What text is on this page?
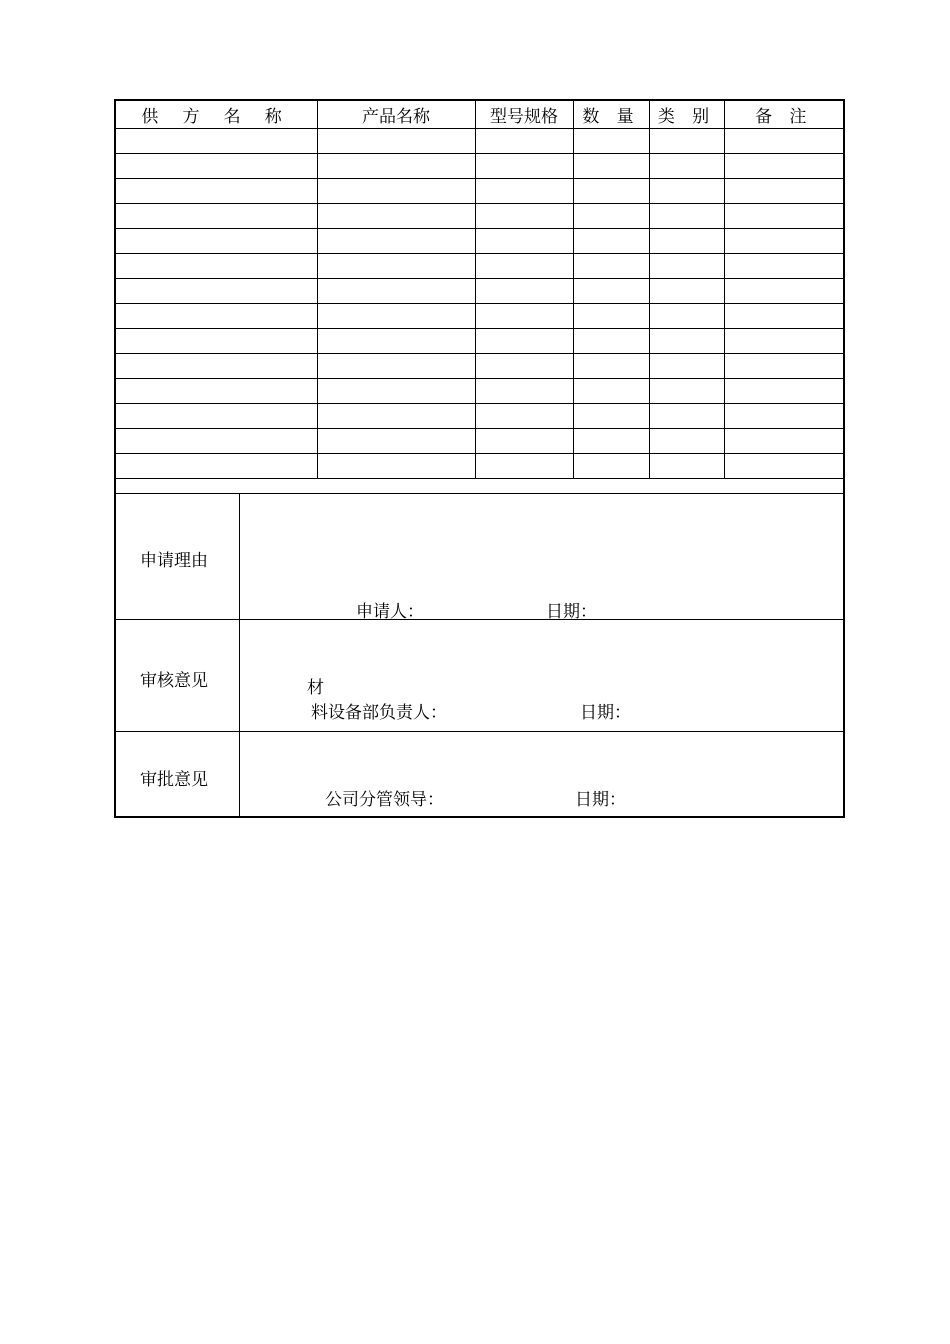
供 方 名 称	产品名称	型号规格	数 量	类 别	备 注

申请理由
申请人：	日期：
审核意见	材
料设备部负责人：	日期：
审批意见
公司分管领导：	日期：
